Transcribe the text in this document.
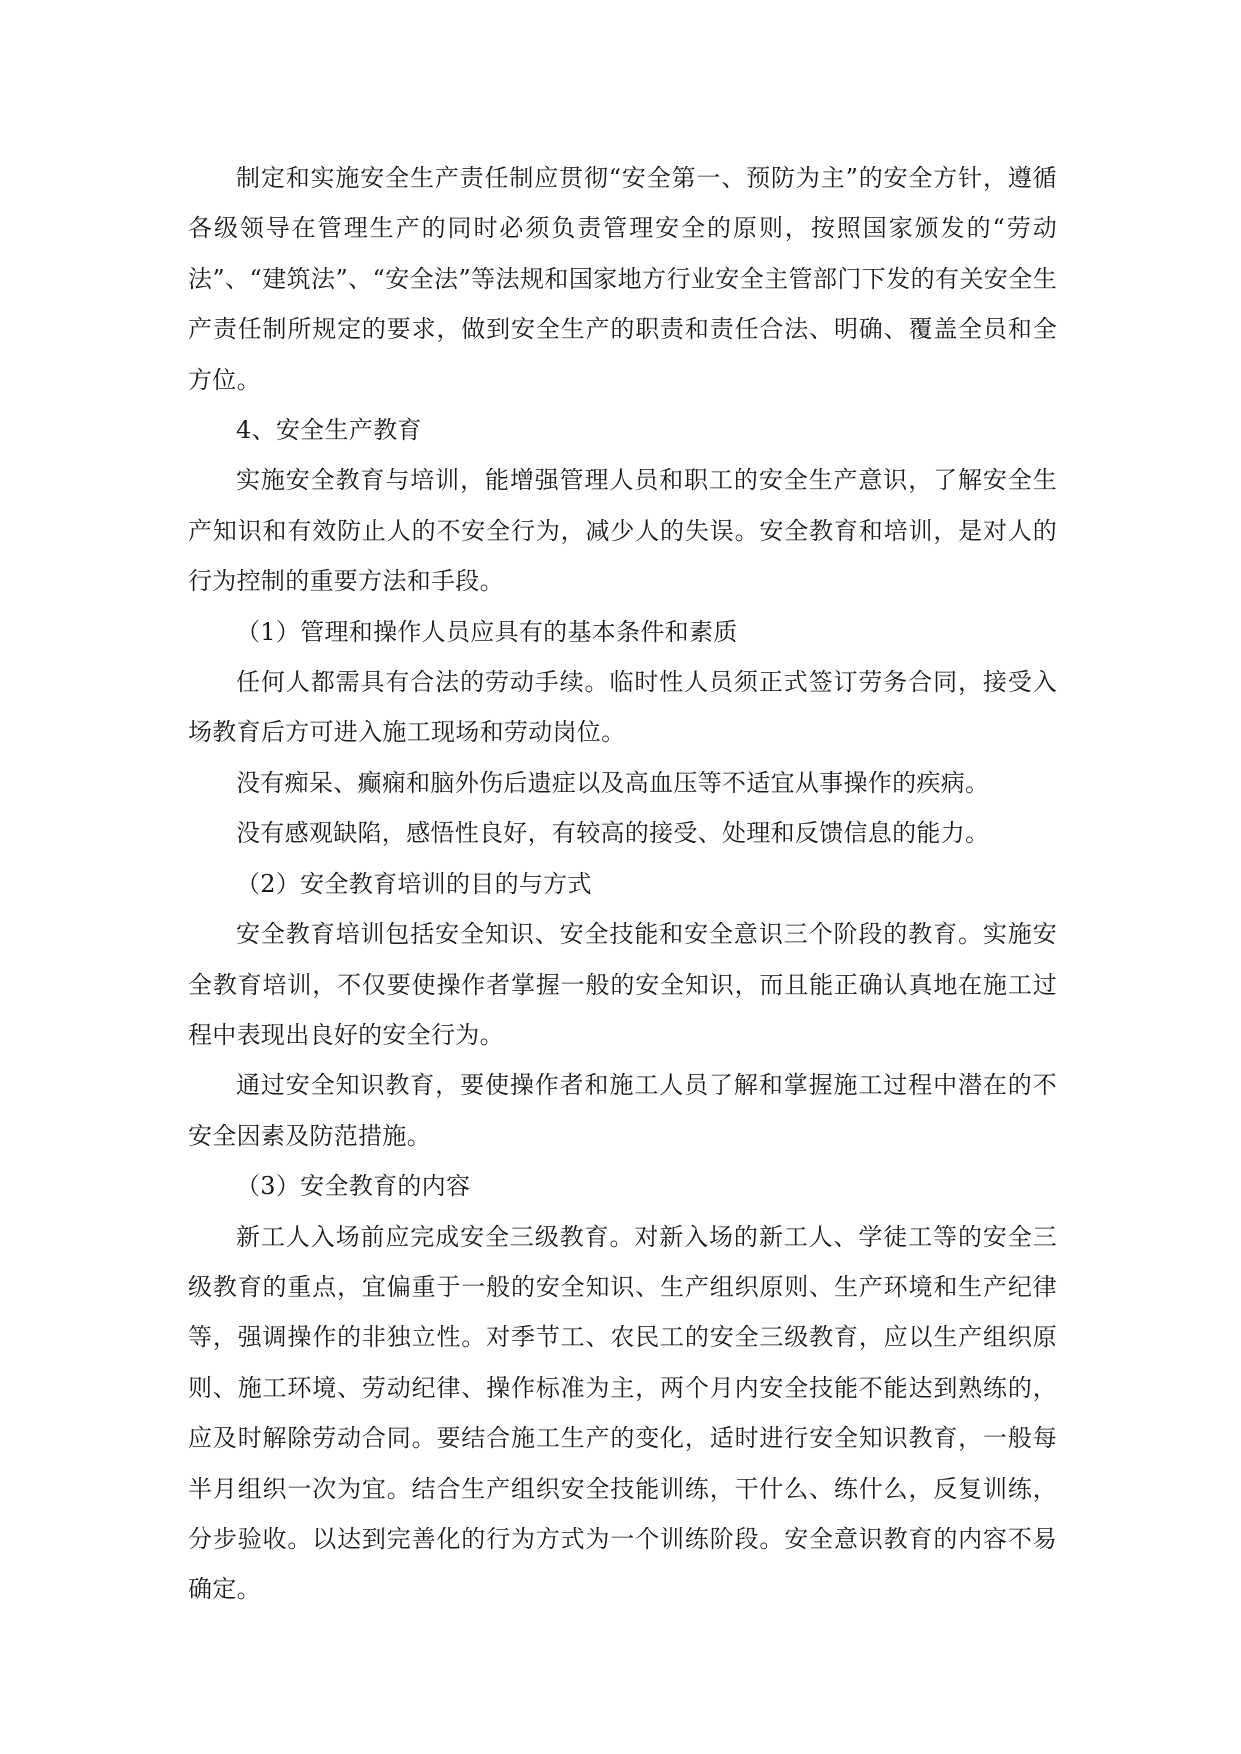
制定和实施安全生产责任制应贯彻“安全第一、预防为主”的安全方针，遵循各级领导在管理生产的同时必须负责管理安全的原则，按照国家颁发的“劳动法”、“建筑法”、“安全法”等法规和国家地方行业安全主管部门下发的有关安全生产责任制所规定的要求，做到安全生产的职责和责任合法、明确、覆盖全员和全方位。

4、安全生产教育

实施安全教育与培训，能增强管理人员和职工的安全生产意识，了解安全生产知识和有效防止人的不安全行为，减少人的失误。安全教育和培训，是对人的行为控制的重要方法和手段。

（1）管理和操作人员应具有的基本条件和素质

任何人都需具有合法的劳动手续。临时性人员须正式签订劳务合同，接受入场教育后方可进入施工现场和劳动岗位。

没有痴呆、癫痫和脑外伤后遗症以及高血压等不适宜从事操作的疾病。

没有感观缺陷，感悟性良好，有较高的接受、处理和反馈信息的能力。

（2）安全教育培训的目的与方式

安全教育培训包括安全知识、安全技能和安全意识三个阶段的教育。实施安全教育培训，不仅要使操作者掌握一般的安全知识，而且能正确认真地在施工过程中表现出良好的安全行为。

通过安全知识教育，要使操作者和施工人员了解和掌握施工过程中潜在的不安全因素及防范措施。

（3）安全教育的内容

新工人入场前应完成安全三级教育。对新入场的新工人、学徒工等的安全三级教育的重点，宜偏重于一般的安全知识、生产组织原则、生产环境和生产纪律等，强调操作的非独立性。对季节工、农民工的安全三级教育，应以生产组织原则、施工环境、劳动纪律、操作标准为主，两个月内安全技能不能达到熟练的，应及时解除劳动合同。要结合施工生产的变化，适时进行安全知识教育，一般每半月组织一次为宜。结合生产组织安全技能训练，干什么、练什么，反复训练，分步验收。以达到完善化的行为方式为一个训练阶段。安全意识教育的内容不易确定。
